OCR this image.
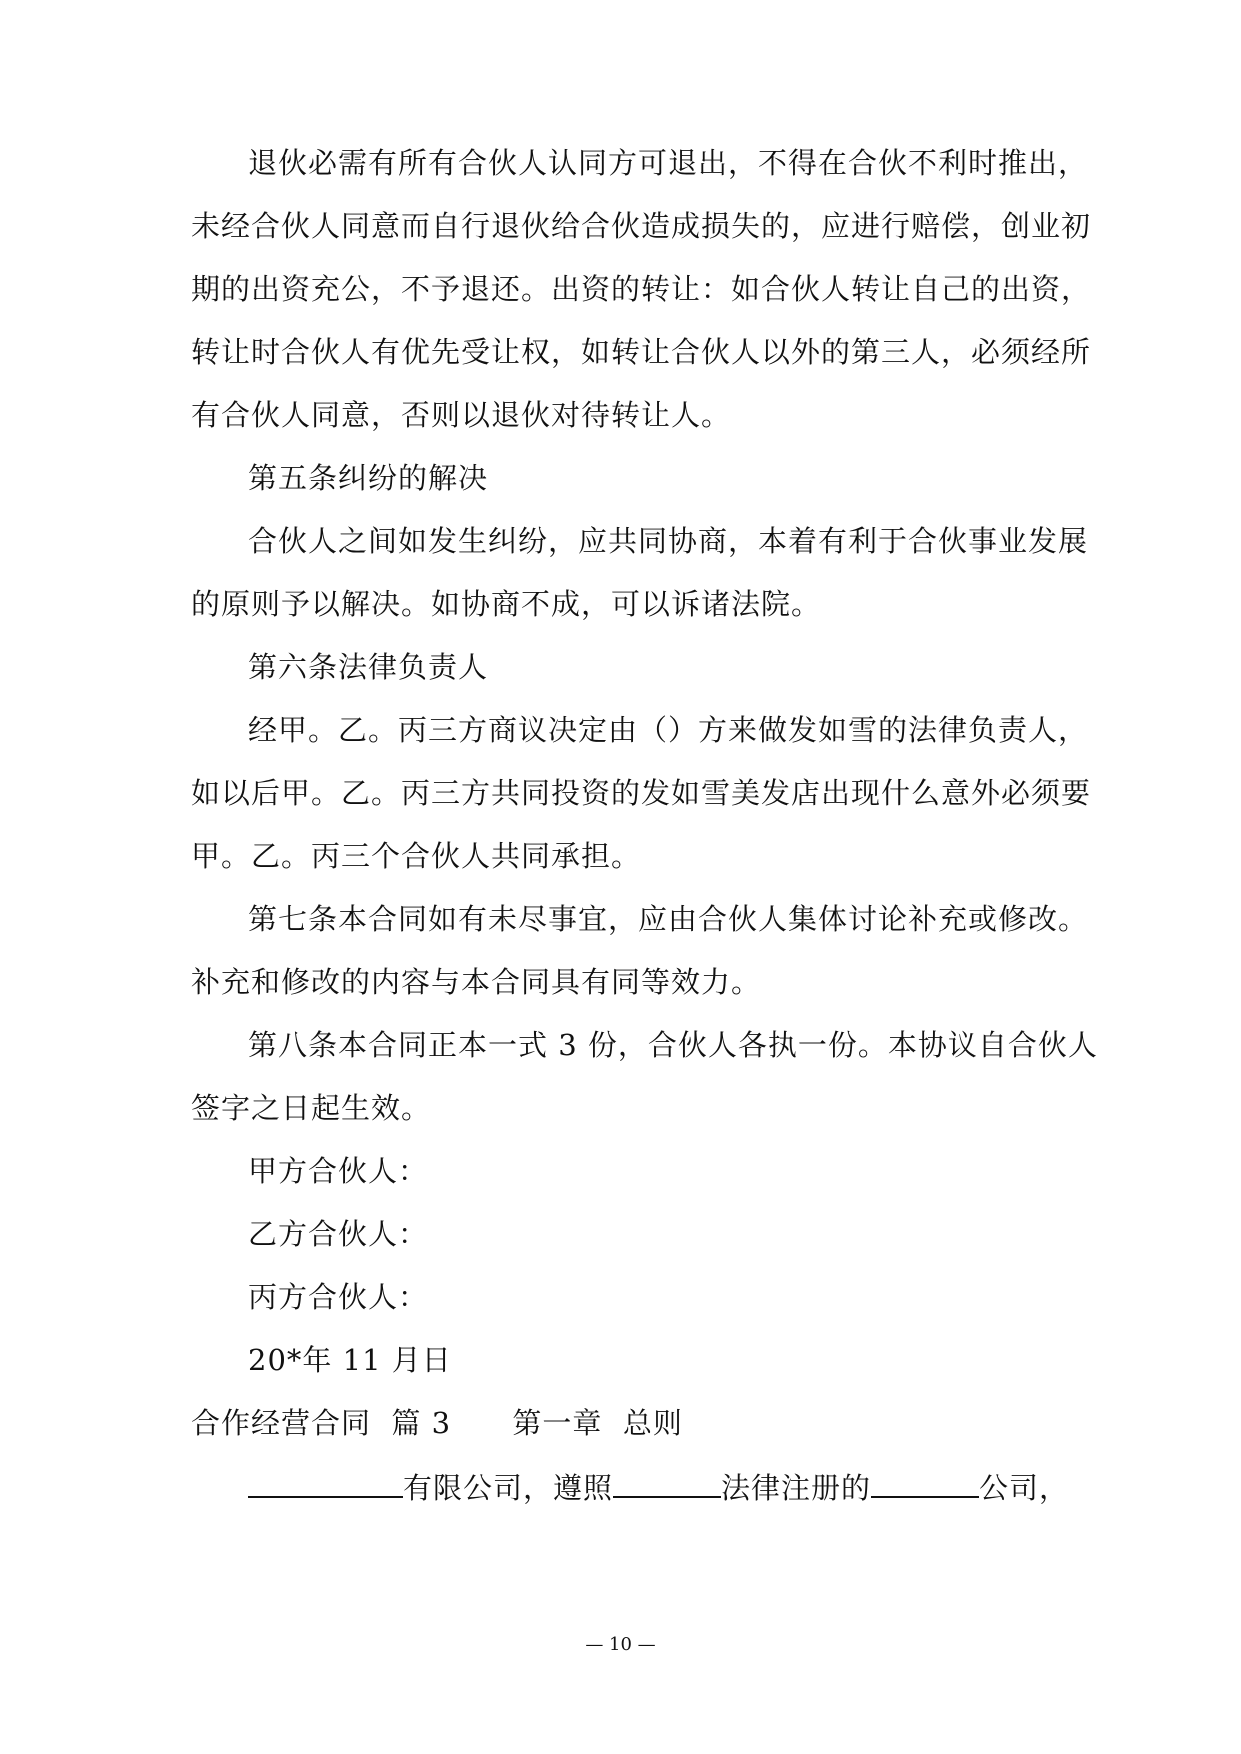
退伙必需有所有合伙人认同方可退出，不得在合伙不利时推出，
未经合伙人同意而自行退伙给合伙造成损失的，应进行赔偿，创业初
期的出资充公，不予退还。出资的转让：如合伙人转让自己的出资，
转让时合伙人有优先受让权，如转让合伙人以外的第三人，必须经所
有合伙人同意，否则以退伙对待转让人。
第五条纠纷的解决
合伙人之间如发生纠纷，应共同协商，本着有利于合伙事业发展
的原则予以解决。如协商不成，可以诉诸法院。
第六条法律负责人
经甲。乙。丙三方商议决定由（）方来做发如雪的法律负责人，
如以后甲。乙。丙三方共同投资的发如雪美发店出现什么意外必须要
甲。乙。丙三个合伙人共同承担。
第七条本合同如有未尽事宜，应由合伙人集体讨论补充或修改。
补充和修改的内容与本合同具有同等效力。
第八条本合同正本一式 3 份，合伙人各执一份。本协议自合伙人
签字之日起生效。
甲方合伙人：
乙方合伙人：
丙方合伙人：
20*年 11 月日
合作经营合同  篇 3      第一章  总则
有限公司，遵照	法律注册的	公司，
— 10 —
